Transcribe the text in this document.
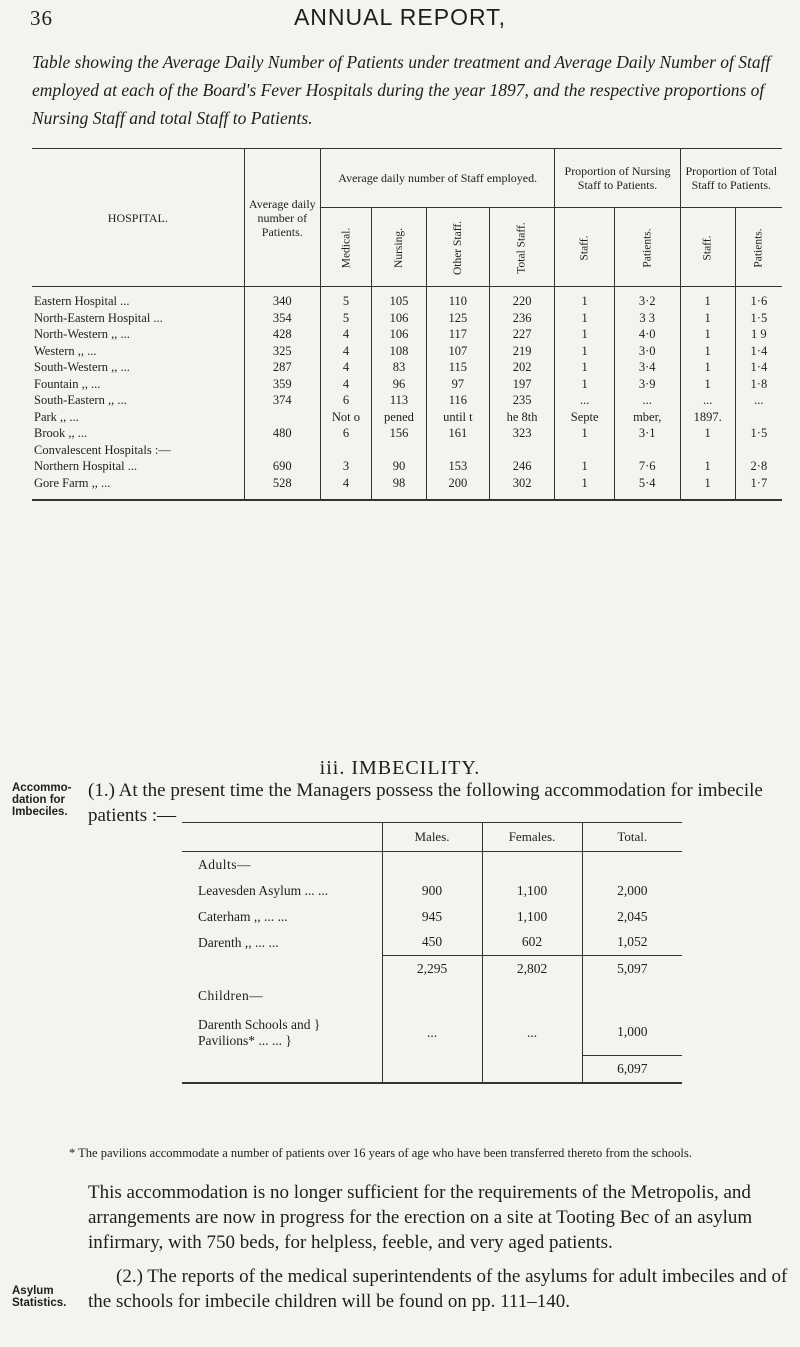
36	ANNUAL REPORT,
Table showing the Average Daily Number of Patients under treatment and Average Daily Number of Staff employed at each of the Board's Fever Hospitals during the year 1897, and the respective proportions of Nursing Staff and total Staff to Patients.
HOSPITAL.	Average daily number of Patients.	Average daily number of Staff employed.				Proportion of Nursing Staff to Patients.		Proportion of Total Staff to Patients.	
		Medical.	Nursing.	Other Staff.	Total Staff.	Staff.	Patients.	Staff.	Patients.
Eastern Hospital ...	340	5	105	110	220	1	3·2	1	1·6
North-Eastern Hospital ...	354	5	106	125	236	1	3 3	1	1·5
North-Western ,, ...	428	4	106	117	227	1	4·0	1	1 9
Western ,, ...	325	4	108	107	219	1	3·0	1	1·4
South-Western ,, ...	287	4	83	115	202	1	3·4	1	1·4
Fountain ,, ...	359	4	96	97	197	1	3·9	1	1·8
South-Eastern ,, ...	374	6	113	116	235	...	...	...	...
Park ,, ...		Not o	pened	until t	he 8th	Septe	mber,	1897.	
Brook ,, ...	480	6	156	161	323	1	3·1	1	1·5
Convalescent Hospitals :—									
Northern Hospital ...	690	3	90	153	246	1	7·6	1	2·8
Gore Farm ,, ...	528	4	98	200	302	1	5·4	1	1·7
iii. IMBECILITY.
Accommo-
dation for
Imbeciles.
(1.) At the present time the Managers possess the following accommodation for imbecile patients :—
	Males.	Females.	Total.
Adults—			
Leavesden Asylum ... ...	900	1,100	2,000
Caterham ,, ... ...	945	1,100	2,045
Darenth ,, ... ...	450	602	1,052
	2,295	2,802	5,097
Children—			

Darenth Schools and }
Pavilions* ... ... }	...	...	1,000
			6,097
* The pavilions accommodate a number of patients over 16 years of age who have been transferred thereto from the schools.
This accommodation is no longer sufficient for the requirements of the Metropolis, and arrangements are now in progress for the erection on a site at Tooting Bec of an asylum infirmary, with 750 beds, for helpless, feeble, and very aged patients.
Asylum
Statistics.
(2.) The reports of the medical superintendents of the asylums for adult imbeciles and of the schools for imbecile children will be found on pp. 111–140.
